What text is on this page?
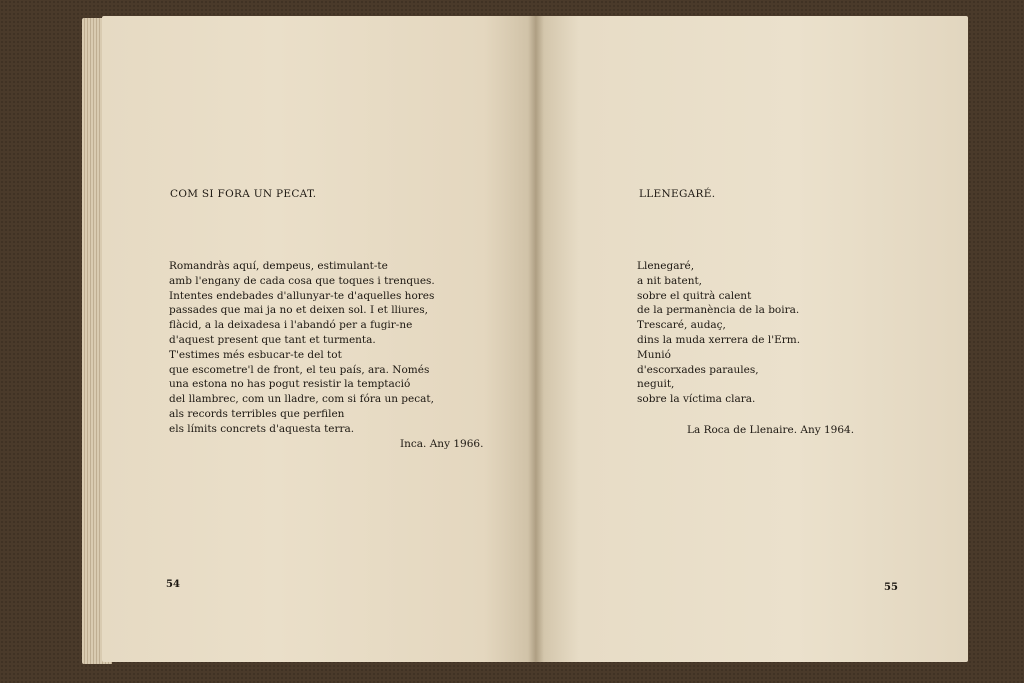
COM SI FORA UN PECAT.
Romandràs aquí, dempeus, estimulant-te
amb l'engany de cada cosa que toques i trenques.
Intentes endebades d'allunyar-te d'aquelles hores
passades que mai ja no et deixen sol. I et lliures,
flàcid, a la deixadesa i l'abandó per a fugir-ne
d'aquest present que tant et turmenta.
T'estimes més esbucar-te del tot
que escometre'l de front, el teu país, ara. Només
una estona no has pogut resistir la temptació
del llambrec, com un lladre, com si fóra un pecat,
als records terribles que perfilen
els límits concrets d'aquesta terra.
Inca. Any 1966.
54
LLENEGARÉ.
Llenegaré,
a nit batent,
sobre el quitrà calent
de la permanència de la boira.
Trescaré, audaç,
dins la muda xerrera de l'Erm.
Munió
d'escorxades paraules,
neguit,
sobre la víctima clara.
La Roca de Llenaire. Any 1964.
55
